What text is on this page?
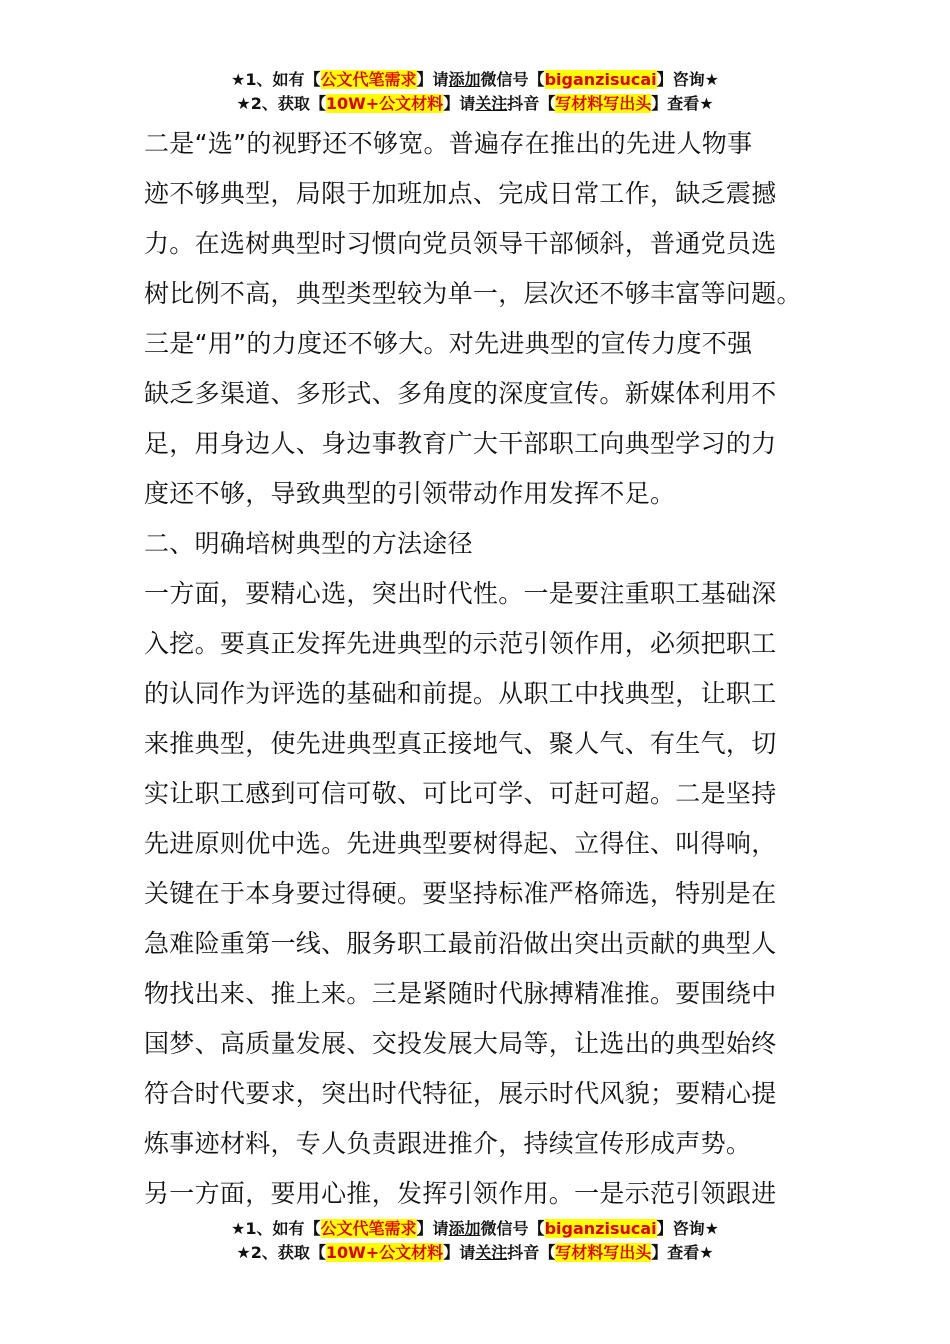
★1、如有【公文代笔需求】请添加微信号【biganzisucai】咨询★
★2、获取【10W+公文材料】请关注抖音【写材料写出头】查看★
二是“选”的视野还不够宽。普遍存在推出的先进人物事
迹不够典型，局限于加班加点、完成日常工作，缺乏震撼
力。在选树典型时习惯向党员领导干部倾斜，普通党员选
树比例不高，典型类型较为单一，层次还不够丰富等问题。
三是“用”的力度还不够大。对先进典型的宣传力度不强
缺乏多渠道、多形式、多角度的深度宣传。新媒体利用不
足，用身边人、身边事教育广大干部职工向典型学习的力
度还不够，导致典型的引领带动作用发挥不足。
二、明确培树典型的方法途径
一方面，要精心选，突出时代性。一是要注重职工基础深
入挖。要真正发挥先进典型的示范引领作用，必须把职工
的认同作为评选的基础和前提。从职工中找典型，让职工
来推典型，使先进典型真正接地气、聚人气、有生气，切
实让职工感到可信可敬、可比可学、可赶可超。二是坚持
先进原则优中选。先进典型要树得起、立得住、叫得响，
关键在于本身要过得硬。要坚持标准严格筛选，特别是在
急难险重第一线、服务职工最前沿做出突出贡献的典型人
物找出来、推上来。三是紧随时代脉搏精准推。要围绕中
国梦、高质量发展、交投发展大局等，让选出的典型始终
符合时代要求，突出时代特征，展示时代风貌；要精心提
炼事迹材料，专人负责跟进推介，持续宣传形成声势。
另一方面，要用心推，发挥引领作用。一是示范引领跟进
★1、如有【公文代笔需求】请添加微信号【biganzisucai】咨询★
★2、获取【10W+公文材料】请关注抖音【写材料写出头】查看★
